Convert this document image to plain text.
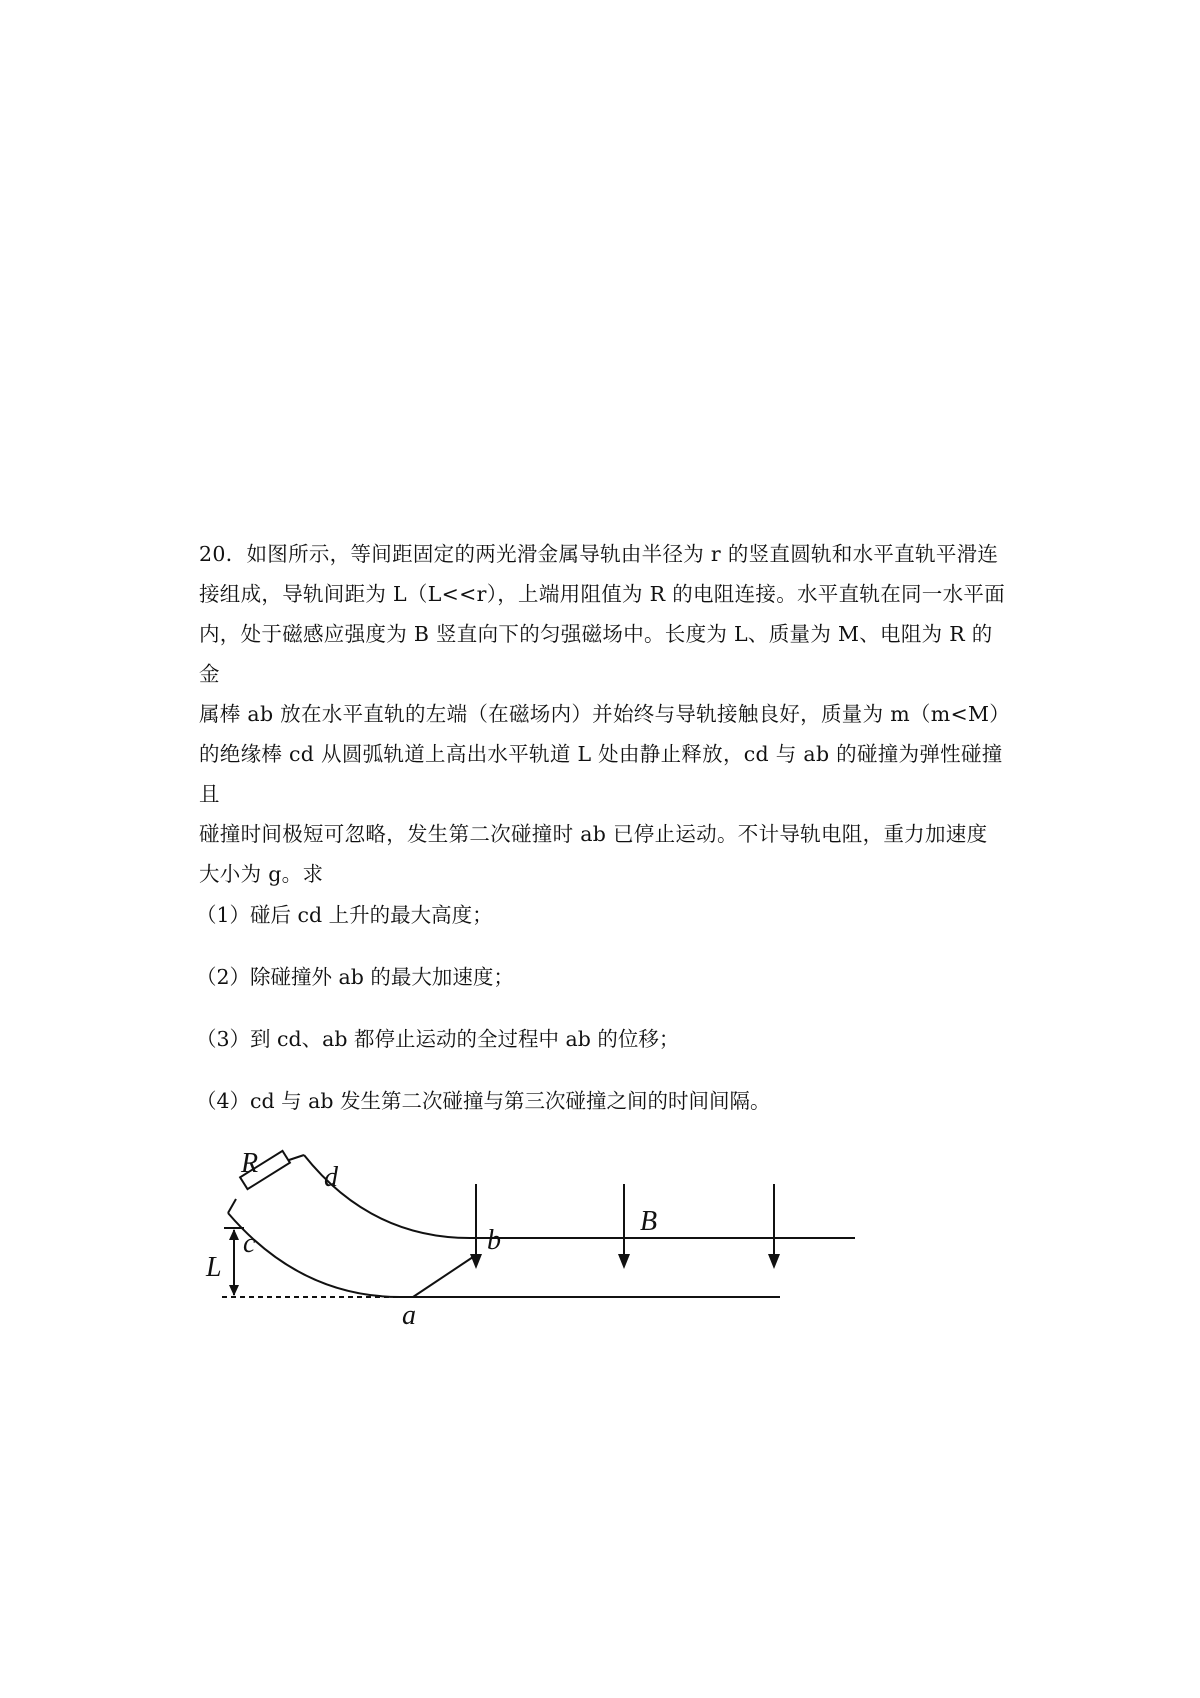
20．如图所示，等间距固定的两光滑金属导轨由半径为 r 的竖直圆轨和水平直轨平滑连

接组成，导轨间距为 L（L<<r），上端用阻值为 R 的电阻连接。水平直轨在同一水平面

内，处于磁感应强度为 B 竖直向下的匀强磁场中。长度为 L、质量为 M、电阻为 R 的金

属棒 ab 放在水平直轨的左端（在磁场内）并始终与导轨接触良好，质量为 m（m<M）

的绝缘棒 cd 从圆弧轨道上高出水平轨道 L 处由静止释放，cd 与 ab 的碰撞为弹性碰撞且

碰撞时间极短可忽略，发生第二次碰撞时 ab 已停止运动。不计导轨电阻，重力加速度

大小为 g。求

（1）碰后 cd 上升的最大高度；

（2）除碰撞外 ab 的最大加速度；

（3）到 cd、ab 都停止运动的全过程中 ab 的位移；

（4）cd 与 ab 发生第二次碰撞与第三次碰撞之间的时间间隔。

R d
c	b
a
B
L
